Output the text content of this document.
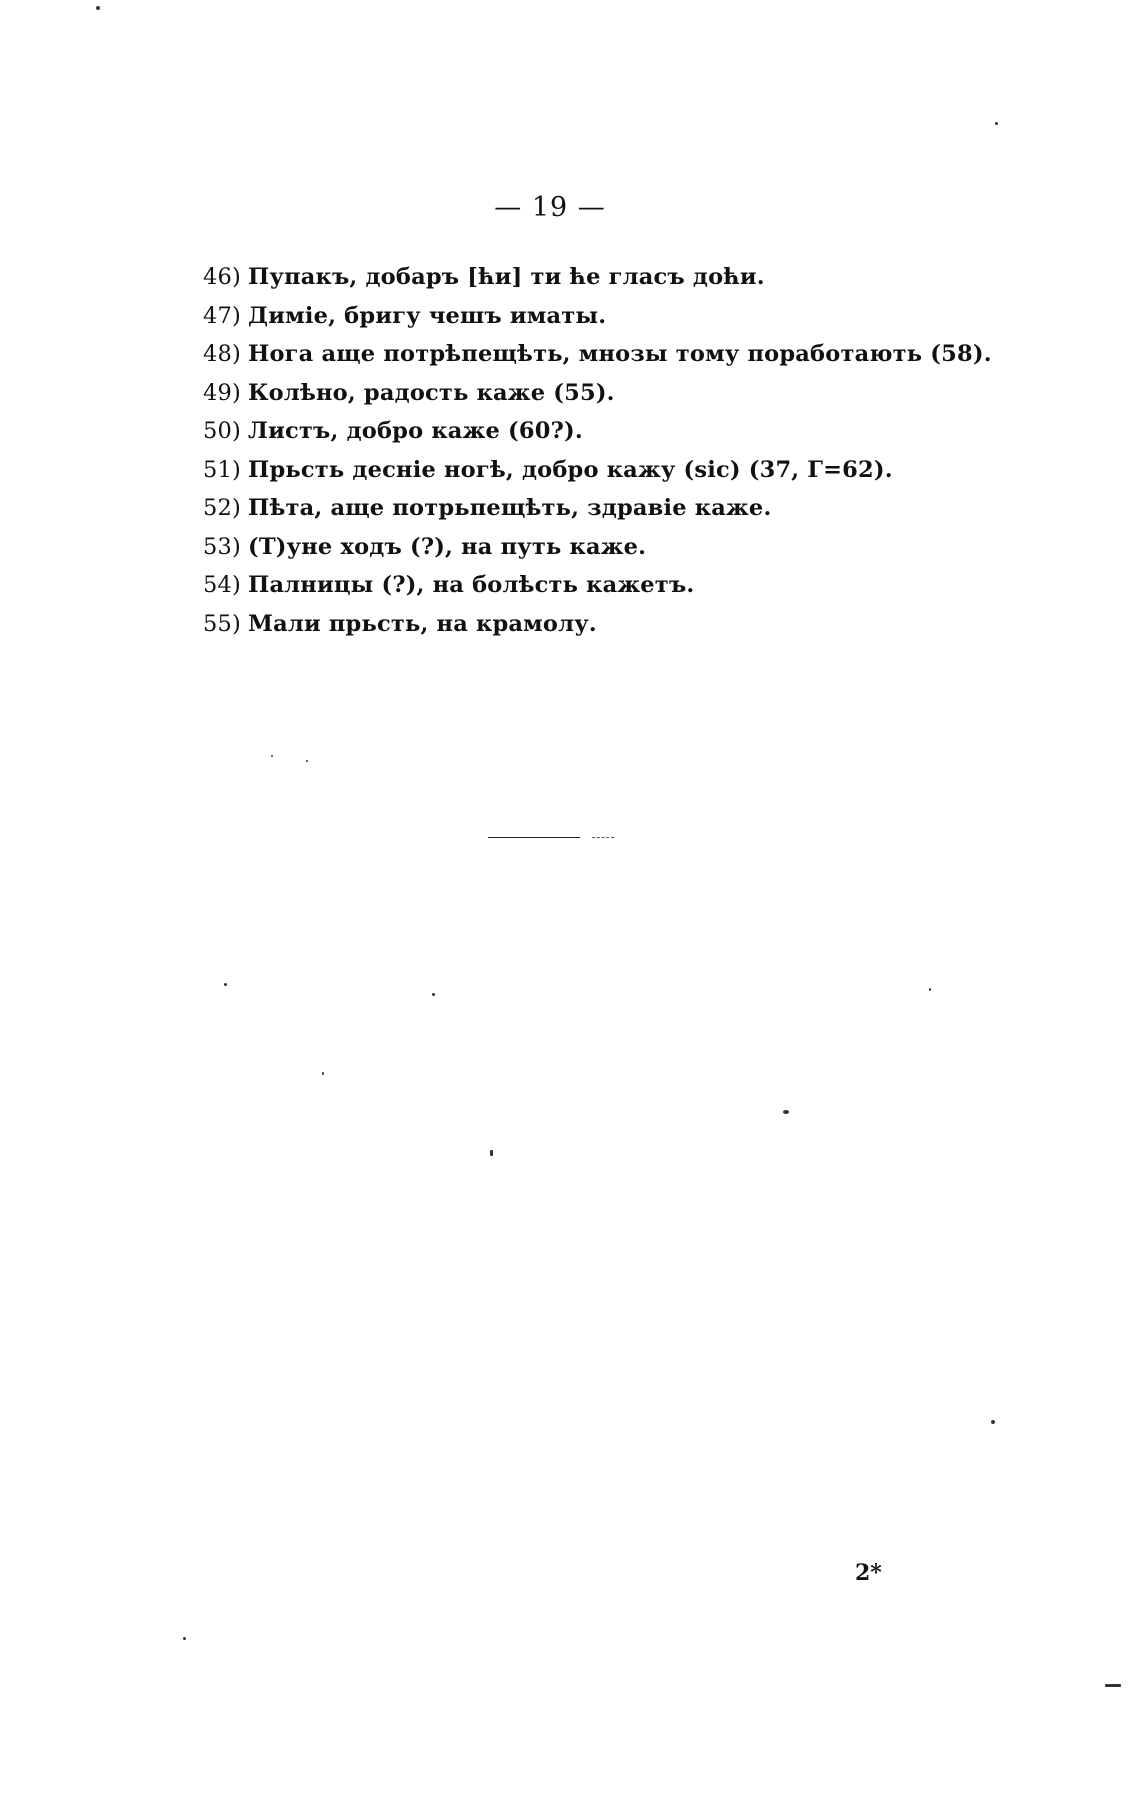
— 19 —
46) Пупакъ, добаръ [ћи] ти ће гласъ доћи.
47) Димiе, бригу чешъ иматы.
48) Нога аще потрѣпещѣть, мнозы тому поработають (58).
49) Колѣно, радость каже (55).
50) Листъ, добро каже (60?).
51) Прьсть деснiе ногѣ, добро кажу (sic) (37, Г=62).
52) Пѣта, аще потрьпещѣть, здравiе каже.
53) (Т)уне ходъ (?), на путь каже.
54) Палницы (?), на болѣсть кажетъ.
55) Мали прьсть, на крамолу.
2*
